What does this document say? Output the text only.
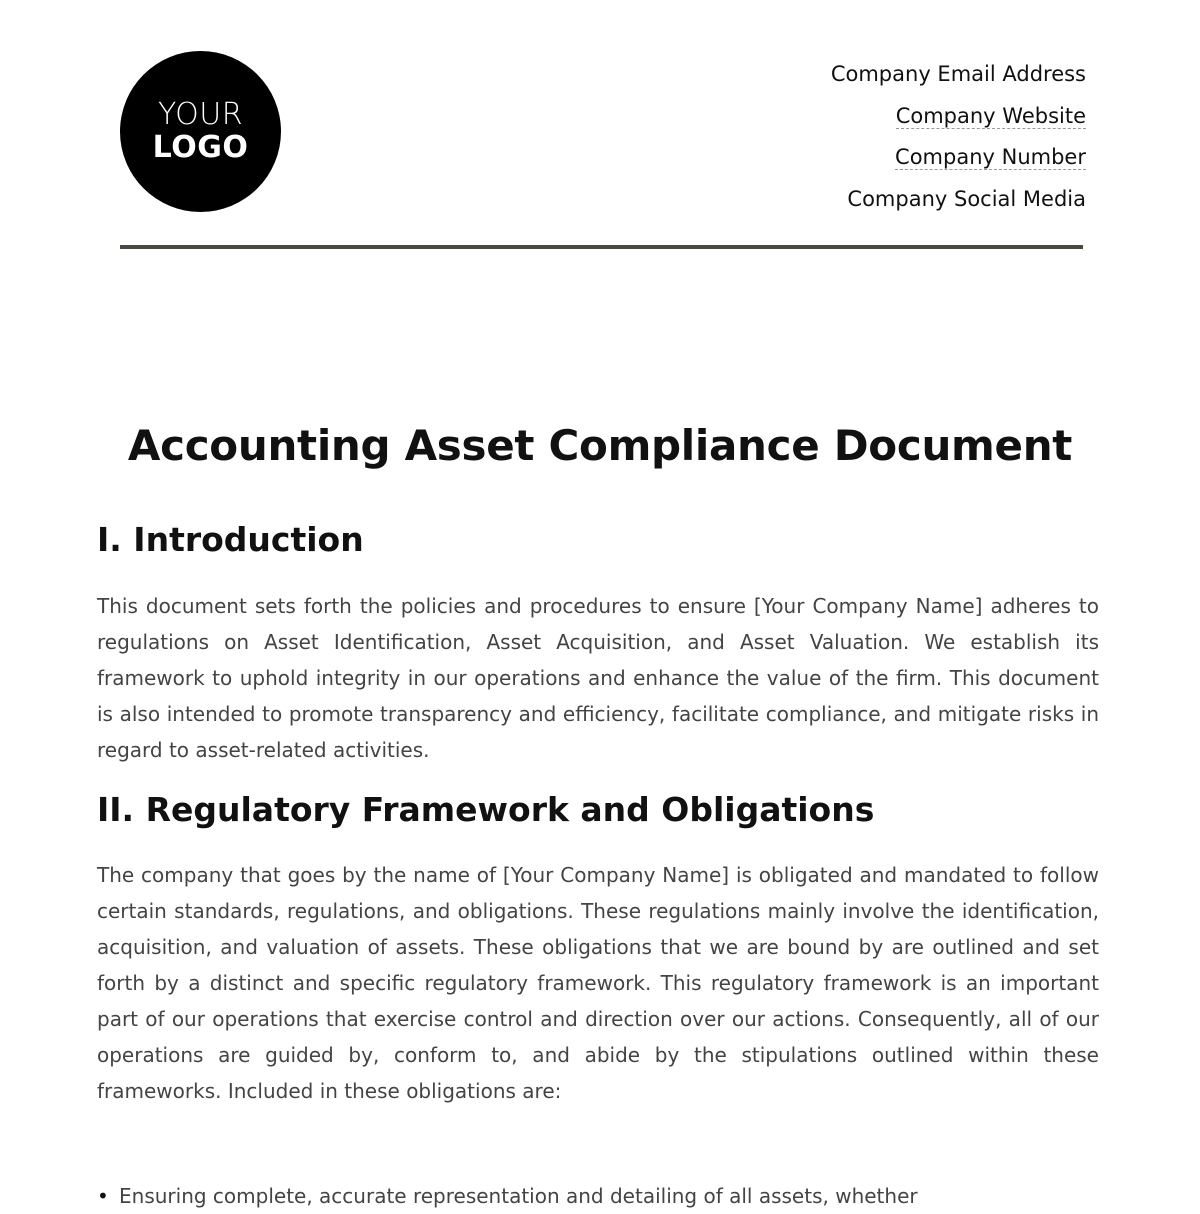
YOUR
LOGO
Company Email Address
Company Website
Company Number
Company Social Media
Accounting Asset Compliance Document
I. Introduction

This document sets forth the policies and procedures to ensure [Your Company Name] adheres to regulations on Asset Identification, Asset Acquisition, and Asset Valuation. We establish its framework to uphold integrity in our operations and enhance the value of the firm. This document is also intended to promote transparency and efficiency, facilitate compliance, and mitigate risks in regard to asset-related activities.

II. Regulatory Framework and Obligations

The company that goes by the name of [Your Company Name] is obligated and mandated to follow certain standards, regulations, and obligations. These regulations mainly involve the identification, acquisition, and valuation of assets. These obligations that we are bound by are outlined and set forth by a distinct and specific regulatory framework. This regulatory framework is an important part of our operations that exercise control and direction over our actions. Consequently, all of our operations are guided by, conform to, and abide by the stipulations outlined within these frameworks. Included in these obligations are:

• Ensuring complete, accurate representation and detailing of all assets, whether
